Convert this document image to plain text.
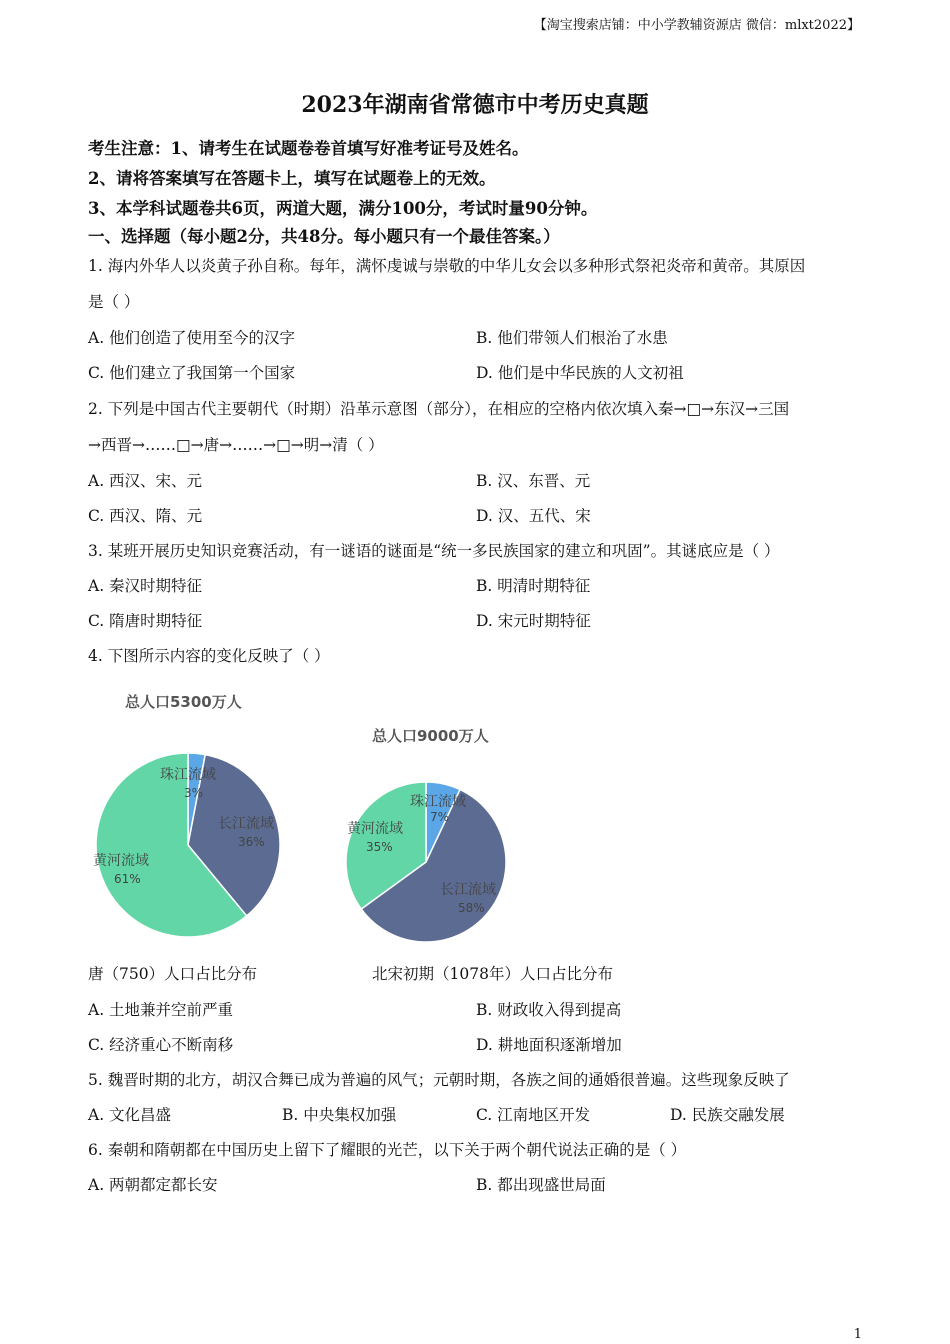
【淘宝搜索店铺：中小学教辅资源店 微信：mlxt2022】
2023年湖南省常德市中考历史真题
考生注意：1、请考生在试题卷卷首填写好准考证号及姓名。
2、请将答案填写在答题卡上，填写在试题卷上的无效。
3、本学科试题卷共6页，两道大题，满分100分，考试时量90分钟。
一、选择题（每小题2分，共48分。每小题只有一个最佳答案。）
1. 海内外华人以炎黄子孙自称。每年，满怀虔诚与崇敬的中华儿女会以多种形式祭祀炎帝和黄帝。其原因
是（ ）
A. 他们创造了使用至今的汉字	B. 他们带领人们根治了水患
C. 他们建立了我国第一个国家	D. 他们是中华民族的人文初祖
2. 下列是中国古代主要朝代（时期）沿革示意图（部分），在相应的空格内依次填入秦→□→东汉→三国
→西晋→……□→唐→……→□→明→清（ ）
A. 西汉、宋、元	B. 汉、东晋、元
C. 西汉、隋、元	D. 汉、五代、宋
3. 某班开展历史知识竞赛活动，有一谜语的谜面是“统一多民族国家的建立和巩固”。其谜底应是（ ）
A. 秦汉时期特征	B. 明清时期特征
C. 隋唐时期特征	D. 宋元时期特征
4. 下图所示内容的变化反映了（ ）
总人口5300万人
珠江流域
3%
长江流域
36%
黄河流域
61%
总人口9000万人
珠江流域
7%
黄河流域
35%
长江流域
58%
唐（750）人口占比分布	北宋初期（1078年）人口占比分布
A. 土地兼并空前严重	B. 财政收入得到提高
C. 经济重心不断南移	D. 耕地面积逐渐增加
5. 魏晋时期的北方，胡汉合舞已成为普遍的风气；元朝时期，各族之间的通婚很普遍。这些现象反映了
A. 文化昌盛	B. 中央集权加强	C. 江南地区开发	D. 民族交融发展
6. 秦朝和隋朝都在中国历史上留下了耀眼的光芒，以下关于两个朝代说法正确的是（ ）
A. 两朝都定都长安	B. 都出现盛世局面
1
